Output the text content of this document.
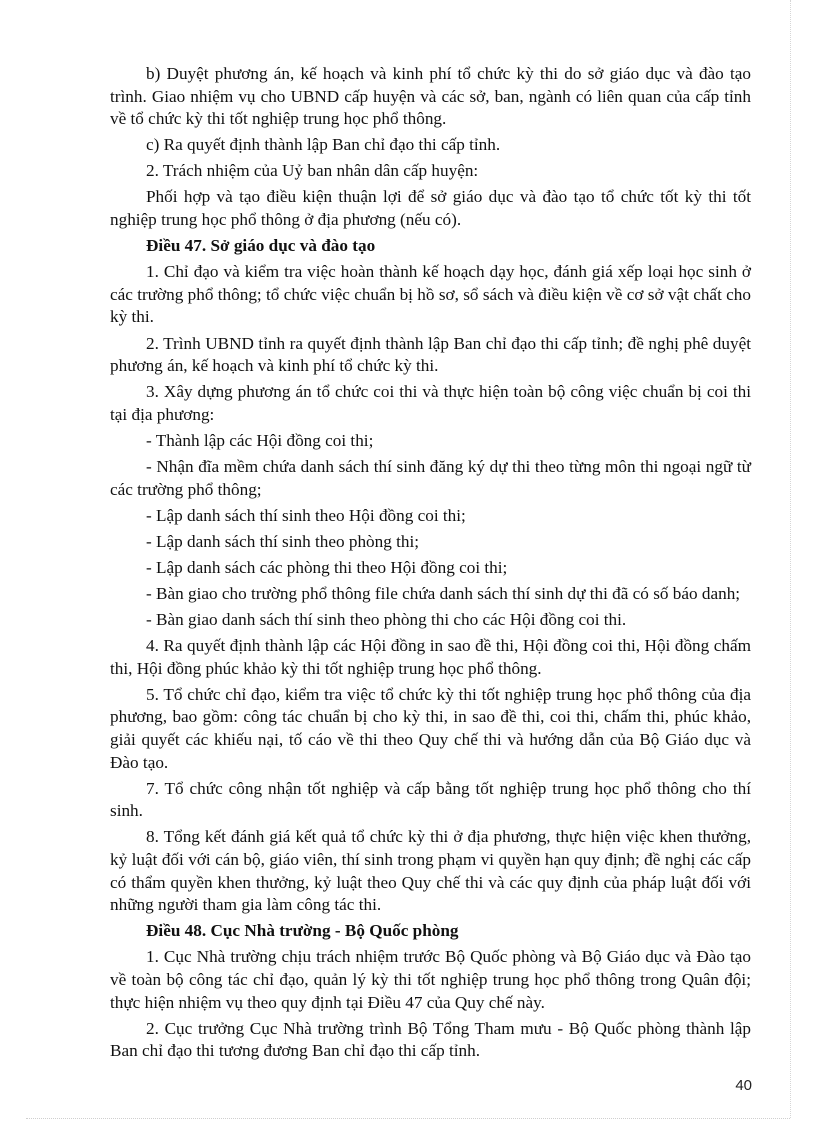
b) Duyệt phương án, kế hoạch và kinh phí tổ chức kỳ thi do sở giáo dục và đào tạo trình. Giao nhiệm vụ cho UBND cấp huyện và các sở, ban, ngành có liên quan của cấp tỉnh về tổ chức kỳ thi tốt nghiệp trung học phổ thông.
c) Ra quyết định thành lập Ban chỉ đạo thi cấp tỉnh.
2. Trách nhiệm của Uỷ ban nhân dân cấp huyện:
Phối hợp và tạo điều kiện thuận lợi để sở giáo dục và đào tạo tổ chức tốt kỳ thi tốt nghiệp trung học phổ thông ở địa phương (nếu có).
Điều 47. Sở giáo dục và đào tạo
1. Chỉ đạo và kiểm tra việc hoàn thành kế hoạch dạy học, đánh giá xếp loại học sinh ở các trường phổ thông; tổ chức việc chuẩn bị hồ sơ, sổ sách và điều kiện về cơ sở vật chất cho kỳ thi.
2. Trình UBND tỉnh ra quyết định thành lập Ban chỉ đạo thi cấp tỉnh; đề nghị phê duyệt phương án, kế hoạch và kinh phí tổ chức kỳ thi.
3. Xây dựng phương án tổ chức coi thi và thực hiện toàn bộ công việc chuẩn bị coi thi tại địa phương:
- Thành lập các Hội đồng coi thi;
- Nhận đĩa mềm chứa danh sách thí sinh đăng ký dự thi theo từng môn thi ngoại ngữ từ các trường phổ thông;
- Lập danh sách thí sinh theo Hội đồng coi thi;
- Lập danh sách thí sinh theo phòng thi;
- Lập danh sách các phòng thi theo Hội đồng coi thi;
- Bàn giao cho trường phổ thông file chứa danh sách thí sinh dự thi đã có số báo danh;
- Bàn giao danh sách thí sinh theo phòng thi cho các Hội đồng coi thi.
4. Ra quyết định thành lập các Hội đồng in sao đề thi, Hội đồng coi thi, Hội đồng chấm thi, Hội đồng phúc khảo kỳ thi tốt nghiệp trung học phổ thông.
5. Tổ chức chỉ đạo, kiểm tra việc tổ chức kỳ thi tốt nghiệp trung học phổ thông của địa phương, bao gồm: công tác chuẩn bị cho kỳ thi, in sao đề thi, coi thi, chấm thi, phúc khảo, giải quyết các khiếu nại, tố cáo về thi theo Quy chế thi và hướng dẫn của Bộ Giáo dục và Đào tạo.
7. Tổ chức công nhận tốt nghiệp và cấp bằng tốt nghiệp trung học phổ thông cho thí sinh.
8. Tổng kết đánh giá kết quả tổ chức kỳ thi ở địa phương, thực hiện việc khen thưởng, kỷ luật đối với cán bộ, giáo viên, thí sinh trong phạm vi quyền hạn quy định; đề nghị các cấp có thẩm quyền khen thưởng, kỷ luật theo Quy chế thi và các quy định của pháp luật đối với những người tham gia làm công tác thi.
Điều 48. Cục Nhà trường - Bộ Quốc phòng
1. Cục Nhà trường chịu trách nhiệm trước Bộ Quốc phòng và Bộ Giáo dục và Đào tạo về toàn bộ công tác chỉ đạo, quản lý kỳ thi tốt nghiệp trung học phổ thông trong Quân đội; thực hiện nhiệm vụ theo quy định tại Điều 47 của Quy chế này.
2. Cục trưởng Cục Nhà trường trình Bộ Tổng Tham mưu - Bộ Quốc phòng thành lập Ban chỉ đạo thi tương đương Ban chỉ đạo thi cấp tỉnh.
40
